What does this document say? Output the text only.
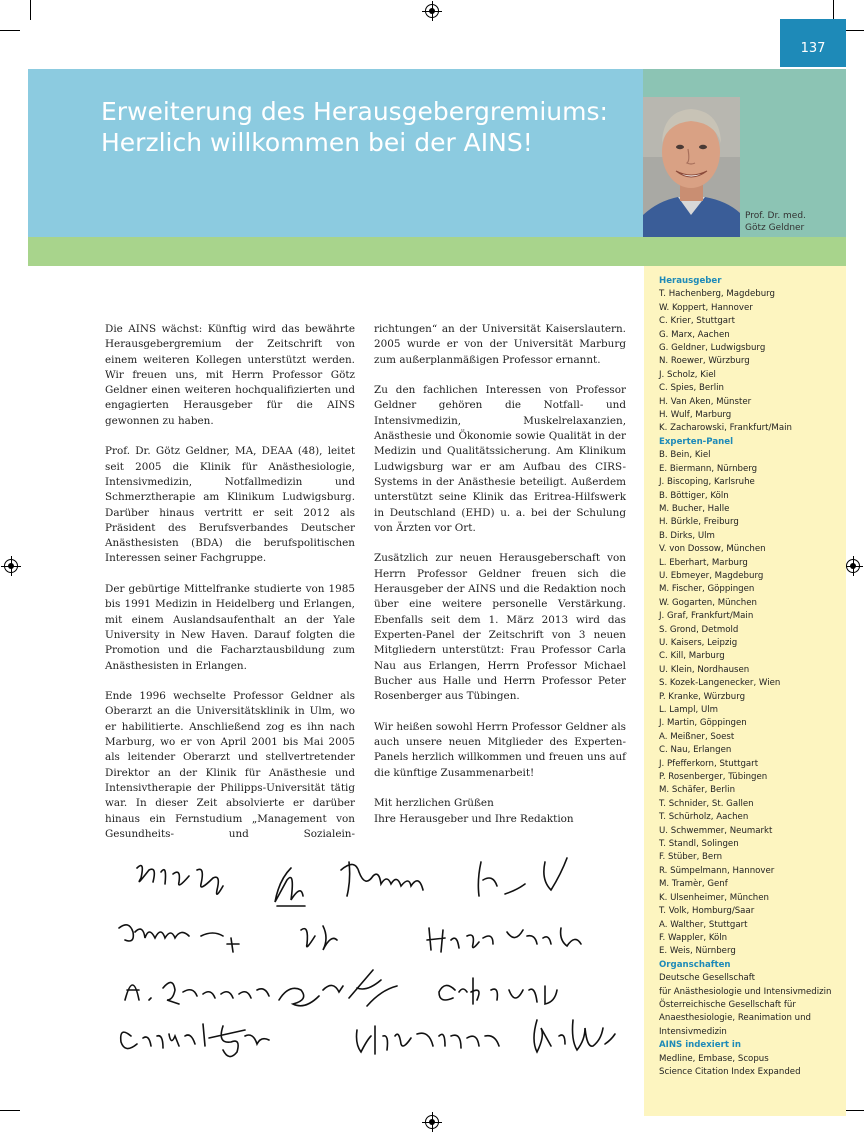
137
Erweiterung des Herausgebergremiums:
Herzlich willkommen bei der AINS!
Prof. Dr. med.
Götz Geldner
Herausgeber
T. Hachenberg, Magdeburg
W. Koppert, Hannover
C. Krier, Stuttgart
G. Marx, Aachen
G. Geldner, Ludwigsburg
N. Roewer, Würzburg
J. Scholz, Kiel
C. Spies, Berlin
H. Van Aken, Münster
H. Wulf, Marburg
K. Zacharowski, Frankfurt/Main
Experten-Panel
B. Bein, Kiel
E. Biermann, Nürnberg
J. Biscoping, Karlsruhe
B. Böttiger, Köln
M. Bucher, Halle
H. Bürkle, Freiburg
B. Dirks, Ulm
V. von Dossow, München
L. Eberhart, Marburg
U. Ebmeyer, Magdeburg
M. Fischer, Göppingen
W. Gogarten, München
J. Graf, Frankfurt/Main
S. Grond, Detmold
U. Kaisers, Leipzig
C. Kill, Marburg
U. Klein, Nordhausen
S. Kozek-Langenecker, Wien
P. Kranke, Würzburg
L. Lampl, Ulm
J. Martin, Göppingen
A. Meißner, Soest
C. Nau, Erlangen
J. Pfefferkorn, Stuttgart
P. Rosenberger, Tübingen
M. Schäfer, Berlin
T. Schnider, St. Gallen
T. Schürholz, Aachen
U. Schwemmer, Neumarkt
T. Standl, Solingen
F. Stüber, Bern
R. Sümpelmann, Hannover
M. Tramèr, Genf
K. Ulsenheimer, München
T. Volk, Homburg/Saar
A. Walther, Stuttgart
F. Wappler, Köln
E. Weis, Nürnberg
Organschaften
Deutsche Gesellschaft
für Anästhesiologie und Intensivmedizin
Österreichische Gesellschaft für
Anaesthesiologie, Reanimation und
Intensivmedizin
AINS indexiert in
Medline, Embase, Scopus
Science Citation Index Expanded

Die AINS wächst: Künftig wird das bewährte Herausgebergremium der Zeitschrift von einem weiteren Kollegen unterstützt werden. Wir freuen uns, mit Herrn Professor Götz Geldner einen weiteren hochqualifizierten und engagierten Herausgeber für die AINS gewonnen zu haben.

Prof. Dr. Götz Geldner, MA, DEAA (48), leitet seit 2005 die Klinik für Anästhesiologie, Intensivmedizin, Notfallmedizin und Schmerztherapie am Klinikum Ludwigsburg. Darüber hinaus vertritt er seit 2012 als Präsident des Berufsverbandes Deutscher Anästhesisten (BDA) die berufspolitischen Interessen seiner Fachgruppe.

Der gebürtige Mittelfranke studierte von 1985 bis 1991 Medizin in Heidelberg und Erlangen, mit einem Auslandsaufenthalt an der Yale University in New Haven. Darauf folgten die Promotion und die Facharztausbildung zum Anästhesisten in Erlangen.

Ende 1996 wechselte Professor Geldner als Oberarzt an die Universitätsklinik in Ulm, wo er habilitierte. Anschließend zog es ihn nach Marburg, wo er von April 2001 bis Mai 2005 als leitender Oberarzt und stellvertretender Direktor an der Klinik für Anästhesie und Intensivtherapie der Philipps-Universität tätig war. In dieser Zeit absolvierte er darüber hinaus ein Fernstudium „Management von Gesundheits- und Sozialein-

richtungen“ an der Universität Kaiserslautern. 2005 wurde er von der Universität Marburg zum außerplanmäßigen Professor ernannt.

Zu den fachlichen Interessen von Professor Geldner gehören die Notfall- und Intensivmedizin, Muskelrelaxanzien, Anästhesie und Ökonomie sowie Qualität in der Medizin und Qualitätssicherung. Am Klinikum Ludwigsburg war er am Aufbau des CIRS-Systems in der Anästhesie beteiligt. Außerdem unterstützt seine Klinik das Eritrea-Hilfswerk in Deutschland (EHD) u. a. bei der Schulung von Ärzten vor Ort.

Zusätzlich zur neuen Herausgeberschaft von Herrn Professor Geldner freuen sich die Herausgeber der AINS und die Redaktion noch über eine weitere personelle Verstärkung. Ebenfalls seit dem 1. März 2013 wird das Experten-Panel der Zeitschrift von 3 neuen Mitgliedern unterstützt: Frau Professor Carla Nau aus Erlangen, Herrn Professor Michael Bucher aus Halle und Herrn Professor Peter Rosenberger aus Tübingen.

Wir heißen sowohl Herrn Professor Geldner als auch unsere neuen Mitglieder des Experten-Panels herzlich willkommen und freuen uns auf die künftige Zusammenarbeit!

Mit herzlichen Grüßen
Ihre Herausgeber und Ihre Redaktion
